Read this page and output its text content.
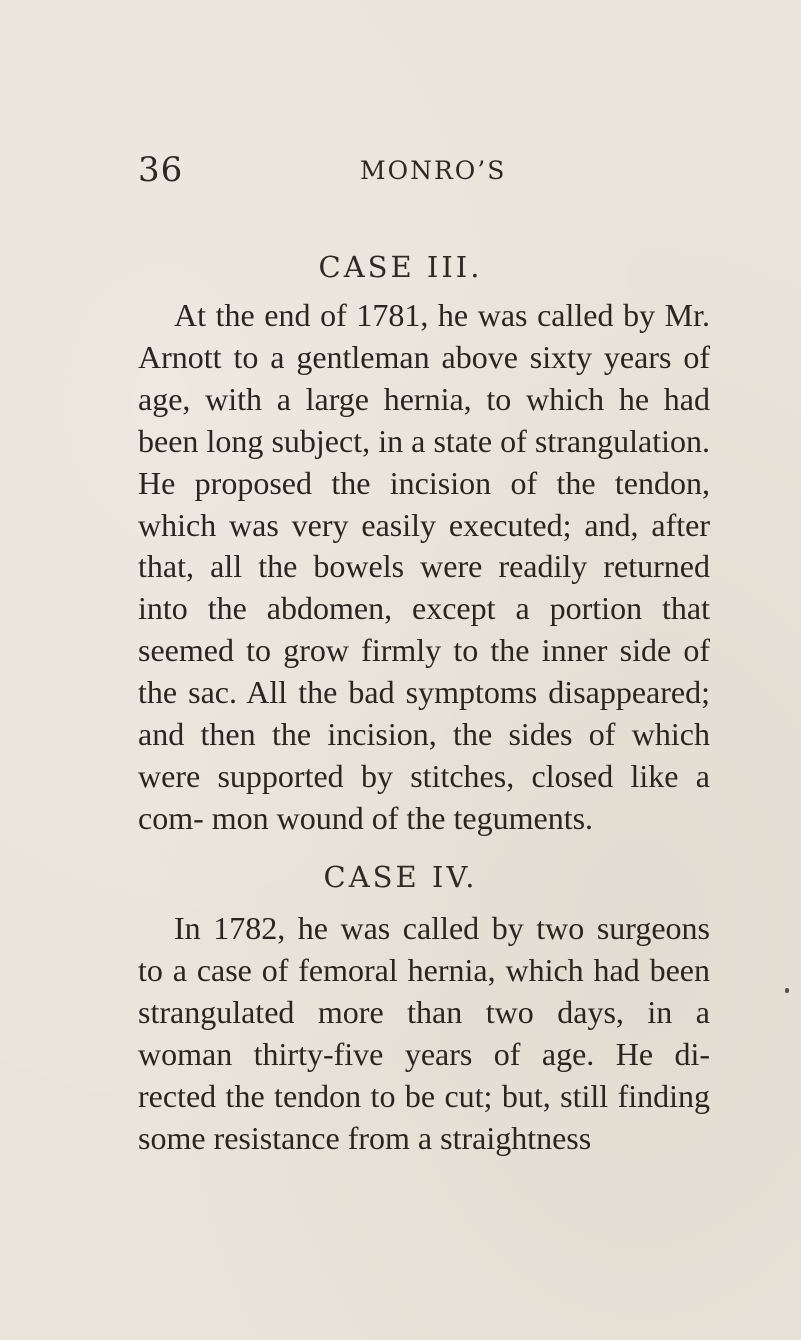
36	MONRO’S
CASE III.

At the end of 1781, he was called by Mr. Arnott to a gentleman above sixty years of age, with a large hernia, to which he had been long subject, in a state of strangulation. He proposed the incision of the tendon, which was very easily executed; and, after that, all the bowels were readily returned into the abdomen, except a portion that seemed to grow firmly to the inner side of the sac. All the bad symptoms disappeared; and then the incision, the sides of which were supported by stitches, closed like a com- mon wound of the teguments.

CASE IV.

In 1782, he was called by two surgeons to a case of femoral hernia, which had been strangulated more than two days, in a woman thirty-five years of age. He di- rected the tendon to be cut; but, still finding some resistance from a straightness
